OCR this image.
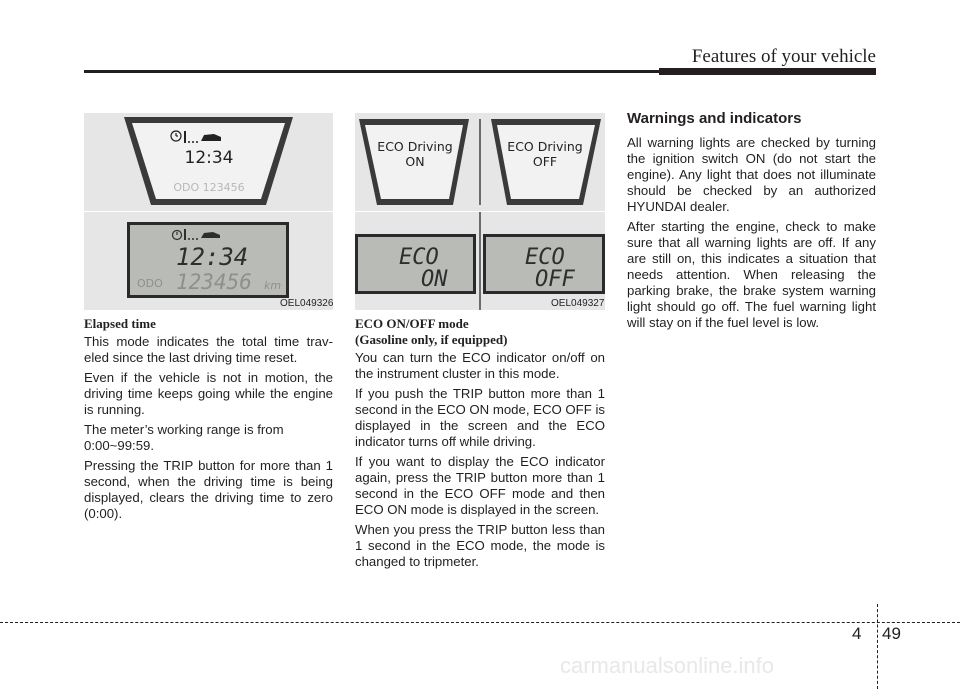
Features of your vehicle
12:34
ODO 123456
12:34
ODO 123456 km
OEL049326
ECO Driving
ON
ECO Driving
OFF
ECO
ON
ECO
OFF
OEL049327

Elapsed time

This mode indicates the total time trav- eled since the last driving time reset.

Even if the vehicle is not in motion, the driving time keeps going while the engine is running.

The meter’s working range is from 0:00~99:59.

Pressing the TRIP button for more than 1 second, when the driving time is being displayed, clears the driving time to zero (0:00).

ECO ON/OFF mode

(Gasoline only, if equipped)

You can turn the ECO indicator on/off on the instrument cluster in this mode.

If you push the TRIP button more than 1 second in the ECO ON mode, ECO OFF is displayed in the screen and the ECO indicator turns off while driving.

If you want to display the ECO indicator again, press the TRIP button more than 1 second in the ECO OFF mode and then ECO ON mode is displayed in the screen.

When you press the TRIP button less than 1 second in the ECO mode, the mode is changed to tripmeter.

Warnings and indicators

All warning lights are checked by turning the ignition switch ON (do not start the engine). Any light that does not illuminate should be checked by an authorized HYUNDAI dealer.

After starting the engine, check to make sure that all warning lights are off. If any are still on, this indicates a situation that needs attention. When releasing the parking brake, the brake system warning light should go off. The fuel warning light will stay on if the fuel level is low.

4 49
carmanualsonline.info
